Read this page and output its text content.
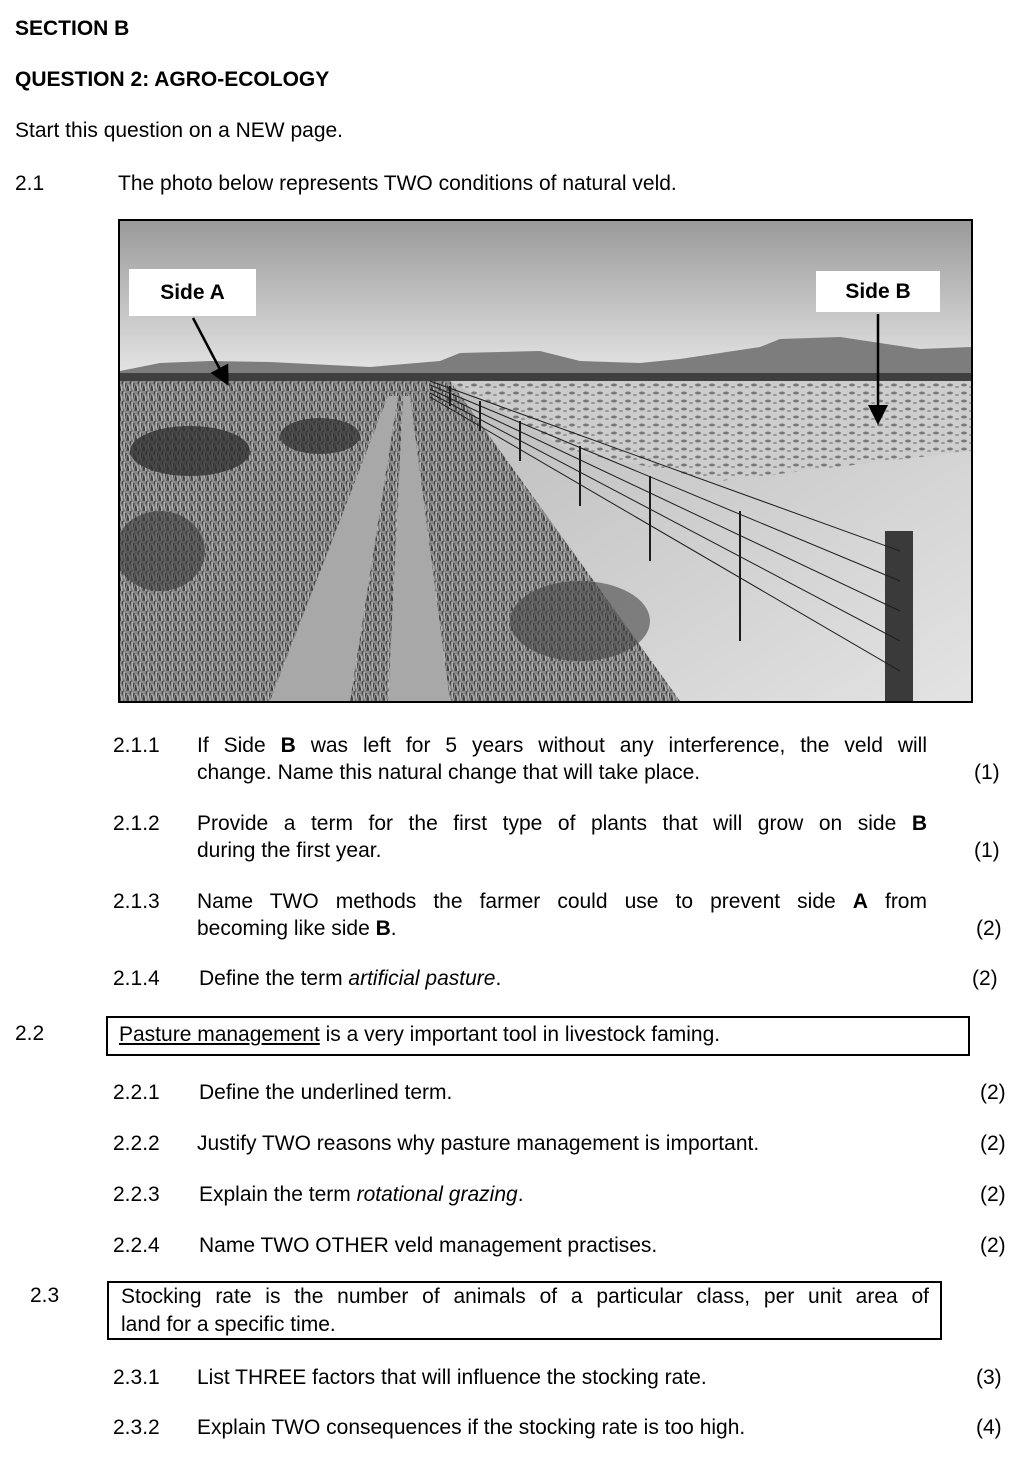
SECTION B
QUESTION 2: AGRO-ECOLOGY
Start this question on a NEW page.
2.1	The photo below represents TWO conditions of natural veld.
Side A	Side B
2.1.1 If Side B was left for 5 years without any interference, the veld will
change. Name this natural change that will take place.	(1)
2.1.2 Provide a term for the first type of plants that will grow on side B
during the first year.	(1)
2.1.3 Name TWO methods the farmer could use to prevent side A from
becoming like side B.	(2)
2.1.4 Define the term artificial pasture.	(2)
2.2	Pasture management is a very important tool in livestock faming.
2.2.1 Define the underlined term.	(2)
2.2.2 Justify TWO reasons why pasture management is important.	(2)
2.2.3 Explain the term rotational grazing.	(2)
2.2.4 Name TWO OTHER veld management practises.	(2)
2.3	Stocking rate is the number of animals of a particular class, per unit area of
land for a specific time.
2.3.1 List THREE factors that will influence the stocking rate.	(3)
2.3.2 Explain TWO consequences if the stocking rate is too high.	(4)
